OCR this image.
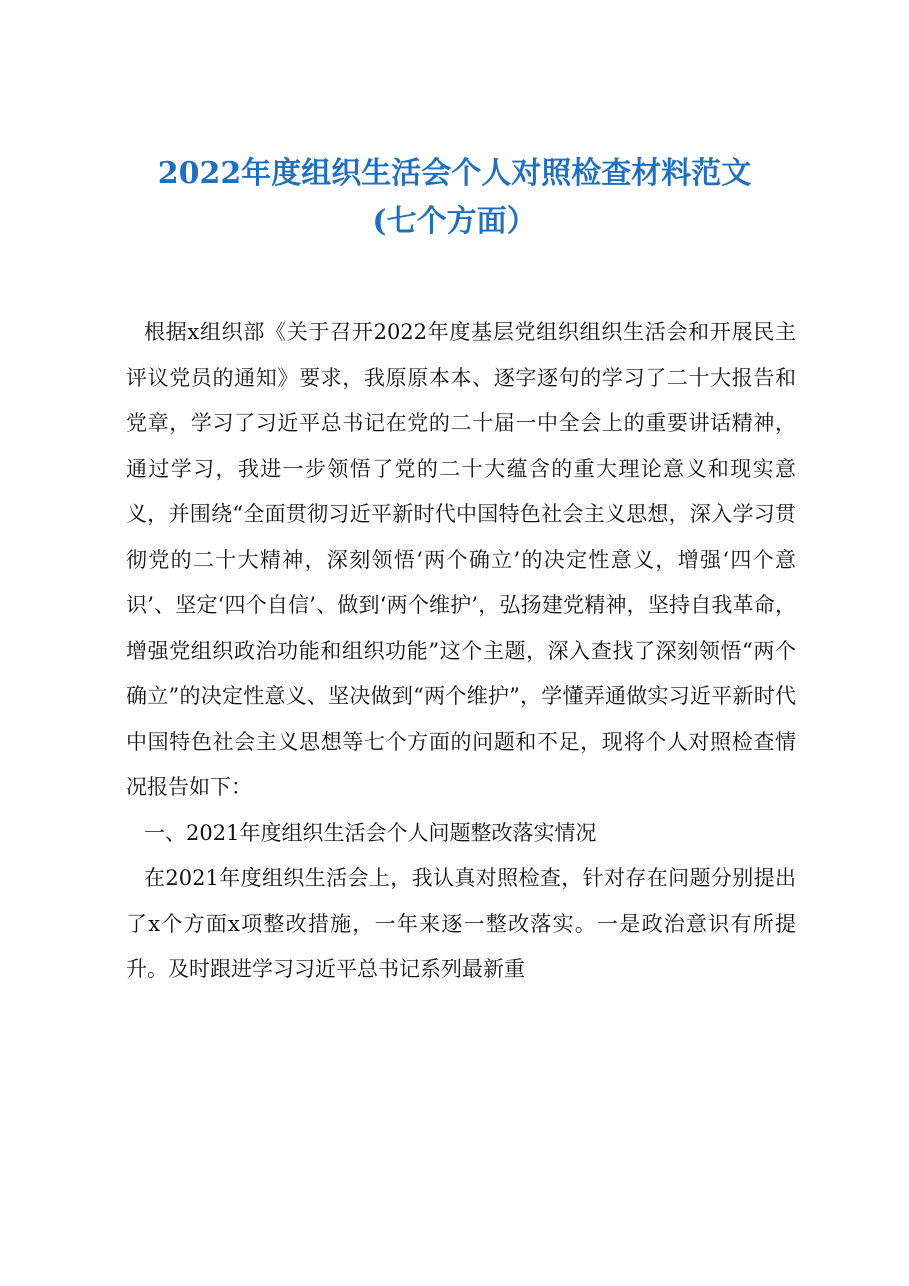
2022年度组织生活会个人对照检查材料范文
(七个方面）

根据x组织部《关于召开2022年度基层党组织组织生活会和开展民主评议党员的通知》要求，我原原本本、逐字逐句的学习了二十大报告和党章，学习了习近平总书记在党的二十届一中全会上的重要讲话精神，通过学习，我进一步领悟了党的二十大蕴含的重大理论意义和现实意义，并围绕“全面贯彻习近平新时代中国特色社会主义思想，深入学习贯彻党的二十大精神，深刻领悟‘两个确立’的决定性意义，增强‘四个意识’、坚定‘四个自信’、做到‘两个维护’，弘扬建党精神，坚持自我革命，增强党组织政治功能和组织功能”这个主题，深入查找了深刻领悟“两个确立”的决定性意义、坚决做到“两个维护”，学懂弄通做实习近平新时代中国特色社会主义思想等七个方面的问题和不足，现将个人对照检查情况报告如下：

一、2021年度组织生活会个人问题整改落实情况

在2021年度组织生活会上，我认真对照检查，针对存在问题分别提出了x个方面x项整改措施，一年来逐一整改落实。一是政治意识有所提升。及时跟进学习习近平总书记系列最新重
